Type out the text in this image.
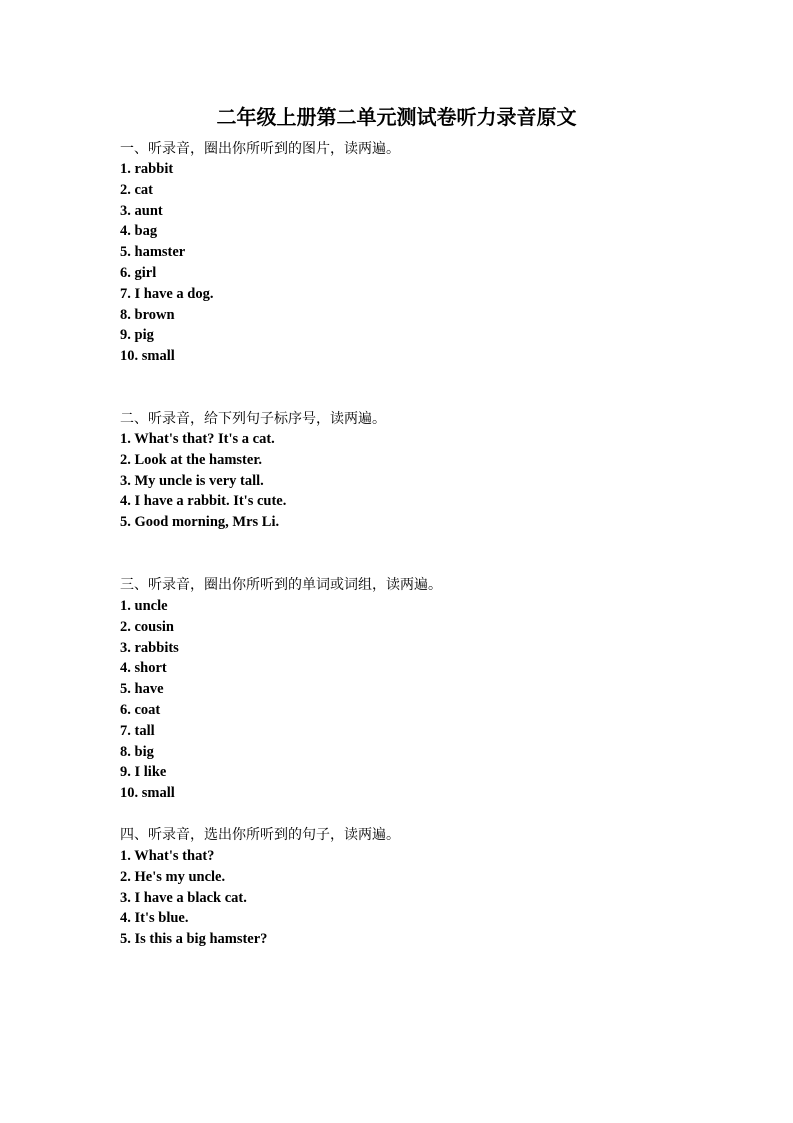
二年级上册第二单元测试卷听力录音原文

一、听录音，圈出你所听到的图片，读两遍。

1. rabbit
2. cat
3. aunt
4. bag
5. hamster
6. girl
7. I have a dog.
8. brown
9. pig
10. small

二、听录音，给下列句子标序号，读两遍。

1. What's that? It's a cat.
2. Look at the hamster.
3. My uncle is very tall.
4. I have a rabbit. It's cute.
5. Good morning, Mrs Li.

三、听录音，圈出你所听到的单词或词组，读两遍。

1. uncle
2. cousin
3. rabbits
4. short
5. have
6. coat
7. tall
8. big
9. I like
10. small

四、听录音，选出你所听到的句子，读两遍。

1. What's that?
2. He's my uncle.
3. I have a black cat.
4. It's blue.
5. Is this a big hamster?
